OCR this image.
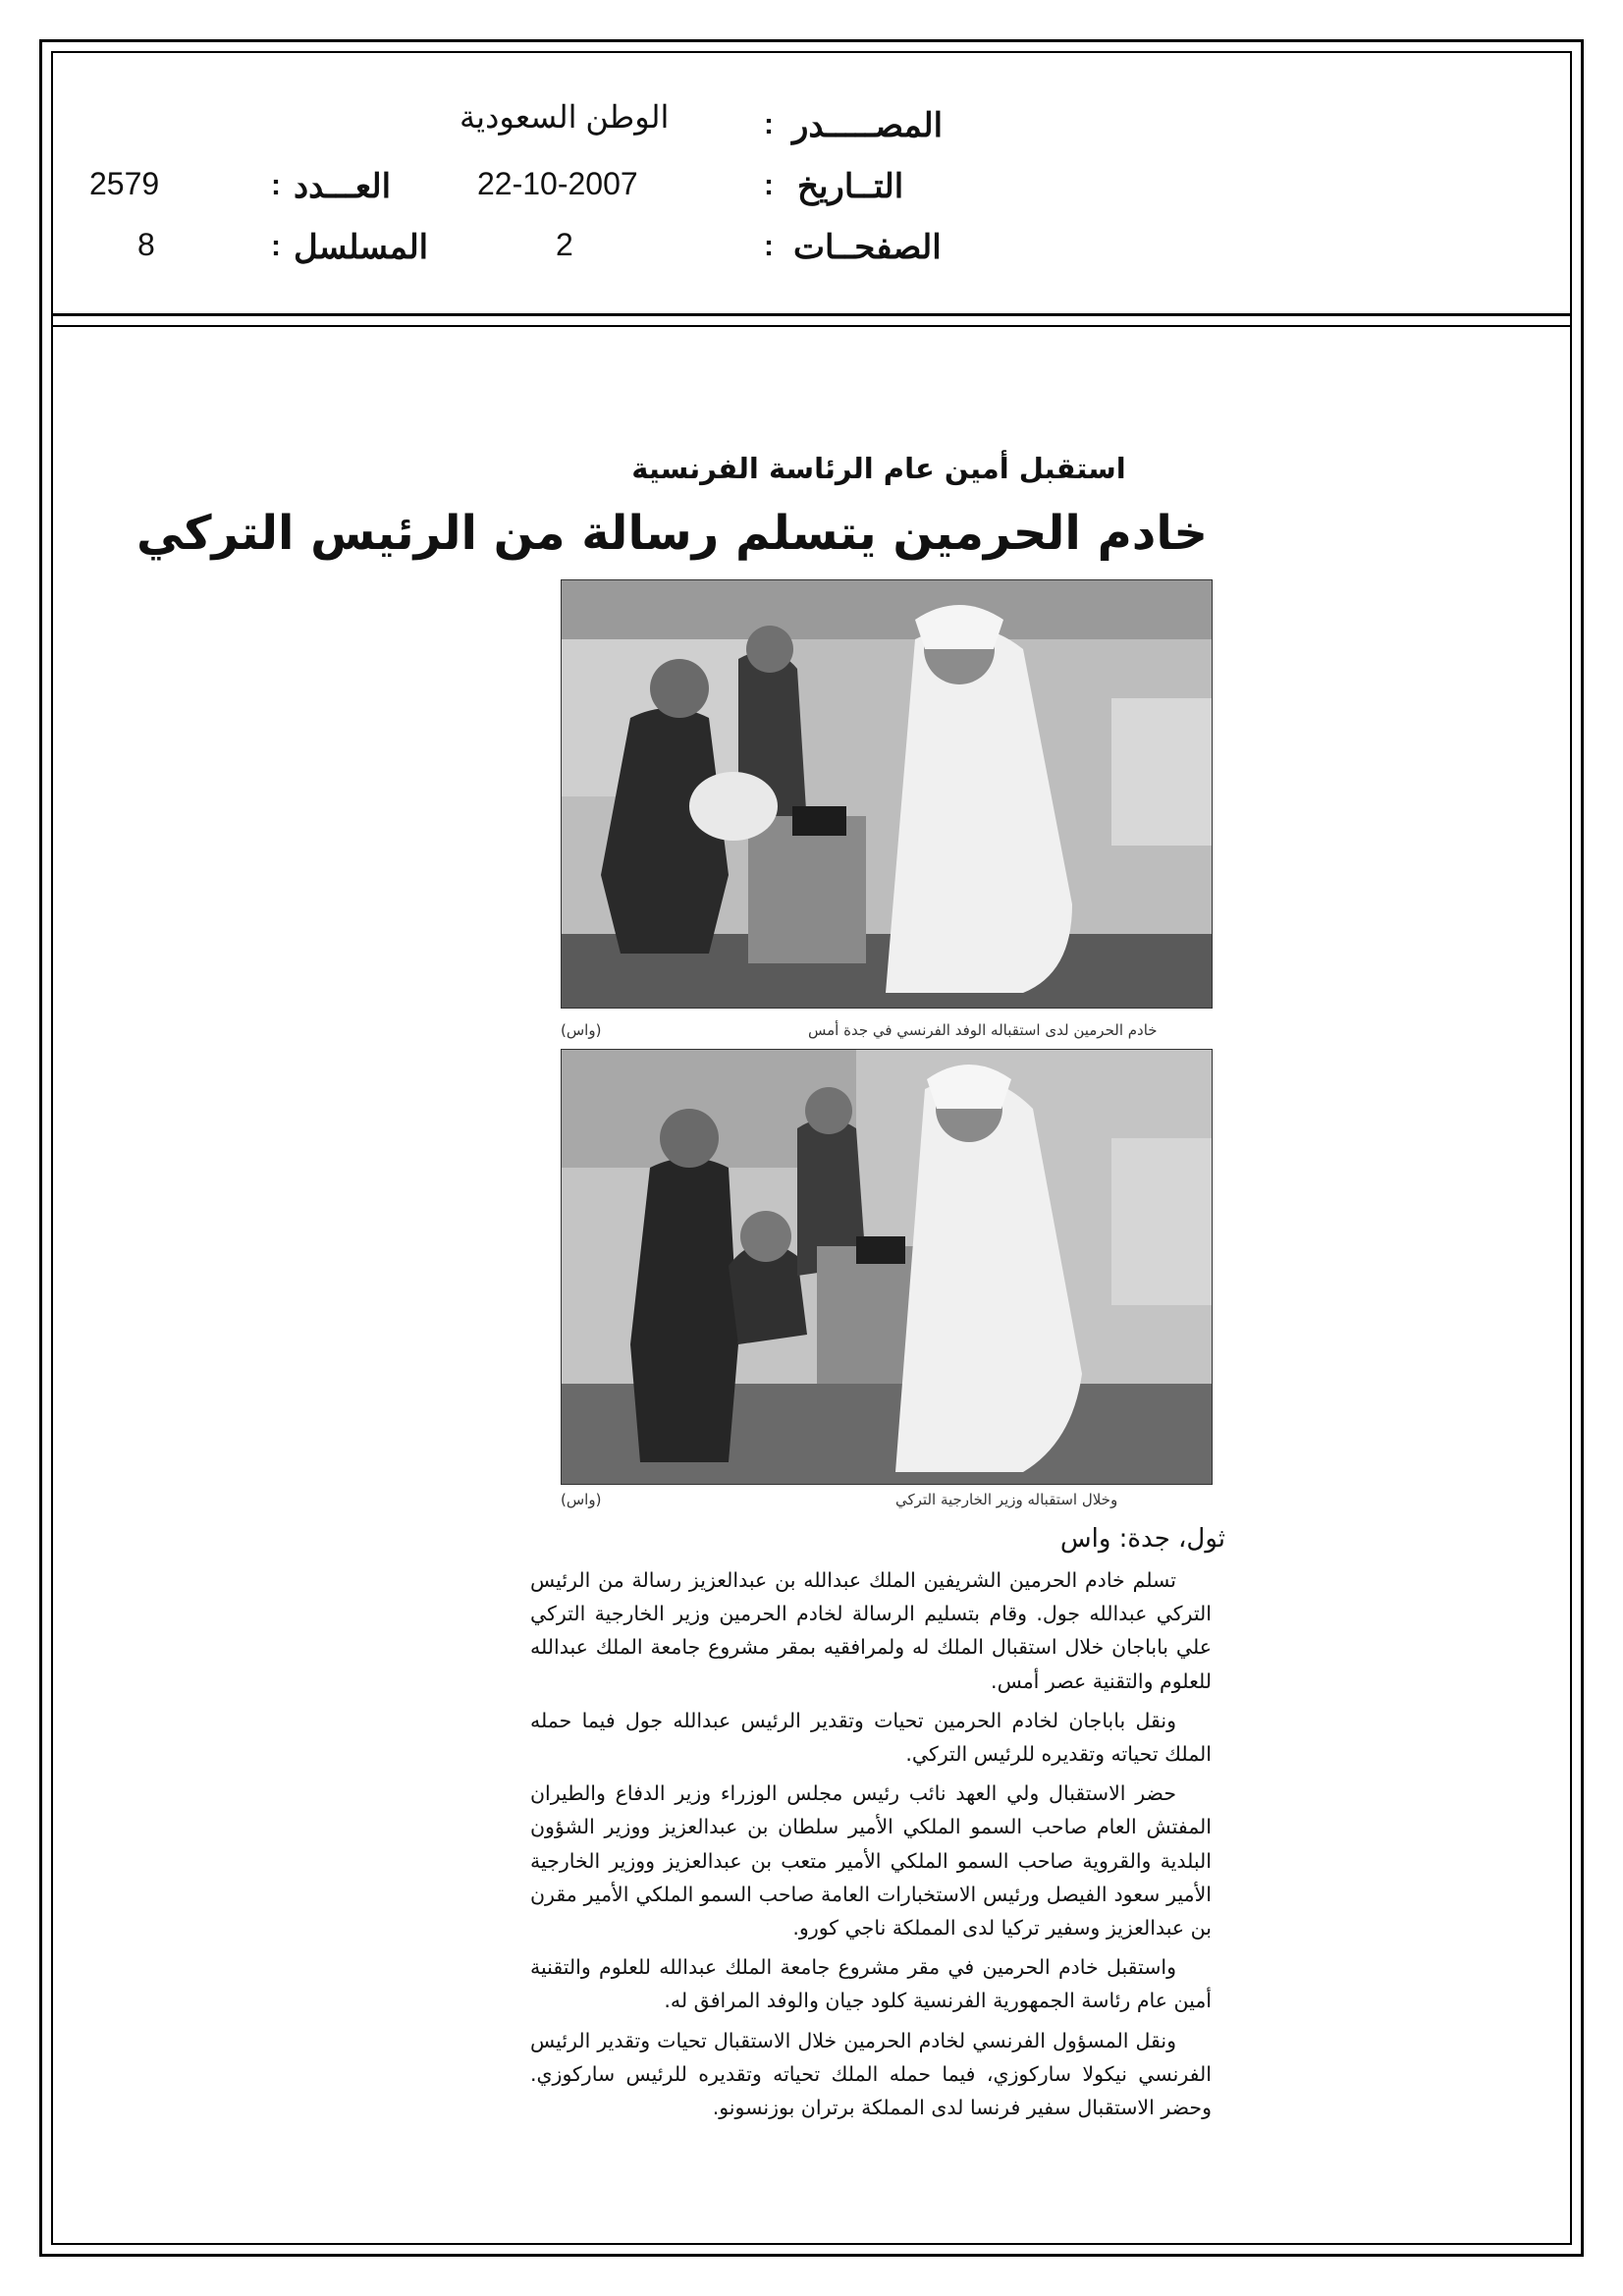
المصـــــدر
:
الوطن السعودية
التــاريخ
:
22-10-2007
العـــدد
:
2579
الصفحــات
:
2
المسلسل
:
8
استقبل أمين عام الرئاسة الفرنسية
خادم الحرمين يتسلم رسالة من الرئيس التركي
خادم الحرمين لدى استقباله الوفد الفرنسي في جدة أمس
(واس)
وخلال استقباله وزير الخارجية التركي
(واس)
ثول، جدة: واس

تسلم خادم الحرمين الشريفين الملك عبدالله بن عبدالعزيز رسالة من الرئيس التركي عبدالله جول. وقام بتسليم الرسالة لخادم الحرمين وزير الخارجية التركي علي باباجان خلال استقبال الملك له ولمرافقيه بمقر مشروع جامعة الملك عبدالله للعلوم والتقنية عصر أمس.

ونقل باباجان لخادم الحرمين تحيات وتقدير الرئيس عبدالله جول فيما حمله الملك تحياته وتقديره للرئيس التركي.

حضر الاستقبال ولي العهد نائب رئيس مجلس الوزراء وزير الدفاع والطيران المفتش العام صاحب السمو الملكي الأمير سلطان بن عبدالعزيز ووزير الشؤون البلدية والقروية صاحب السمو الملكي الأمير متعب بن عبدالعزيز ووزير الخارجية الأمير سعود الفيصل ورئيس الاستخبارات العامة صاحب السمو الملكي الأمير مقرن بن عبدالعزيز وسفير تركيا لدى المملكة ناجي كورو.

واستقبل خادم الحرمين في مقر مشروع جامعة الملك عبدالله للعلوم والتقنية أمين عام رئاسة الجمهورية الفرنسية كلود جيان والوفد المرافق له.

ونقل المسؤول الفرنسي لخادم الحرمين خلال الاستقبال تحيات وتقدير الرئيس الفرنسي نيكولا ساركوزي، فيما حمله الملك تحياته وتقديره للرئيس ساركوزي. وحضر الاستقبال سفير فرنسا لدى المملكة برتران بوزنسونو.
